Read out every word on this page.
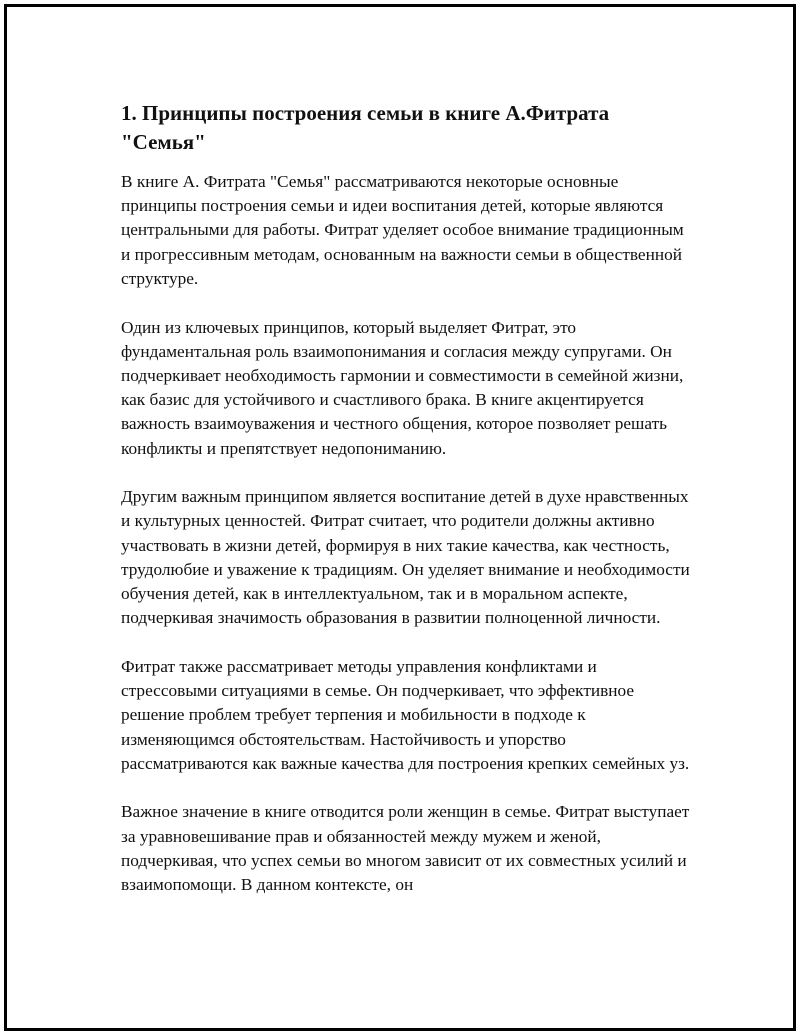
1. Принципы построения семьи в книге А.Фитрата "Семья"

В книге А. Фитрата "Семья" рассматриваются некоторые основные принципы построения семьи и идеи воспитания детей, которые являются центральными для работы. Фитрат уделяет особое внимание традиционным и прогрессивным методам, основанным на важности семьи в общественной структуре.

Один из ключевых принципов, который выделяет Фитрат, это фундаментальная роль взаимопонимания и согласия между супругами. Он подчеркивает необходимость гармонии и совместимости в семейной жизни, как базис для устойчивого и счастливого брака. В книге акцентируется важность взаимоуважения и честного общения, которое позволяет решать конфликты и препятствует недопониманию.

Другим важным принципом является воспитание детей в духе нравственных и культурных ценностей. Фитрат считает, что родители должны активно участвовать в жизни детей, формируя в них такие качества, как честность, трудолюбие и уважение к традициям. Он уделяет внимание и необходимости обучения детей, как в интеллектуальном, так и в моральном аспекте, подчеркивая значимость образования в развитии полноценной личности.

Фитрат также рассматривает методы управления конфликтами и стрессовыми ситуациями в семье. Он подчеркивает, что эффективное решение проблем требует терпения и мобильности в подходе к изменяющимся обстоятельствам. Настойчивость и упорство рассматриваются как важные качества для построения крепких семейных уз.

Важное значение в книге отводится роли женщин в семье. Фитрат выступает за уравновешивание прав и обязанностей между мужем и женой, подчеркивая, что успех семьи во многом зависит от их совместных усилий и взаимопомощи. В данном контексте, он
